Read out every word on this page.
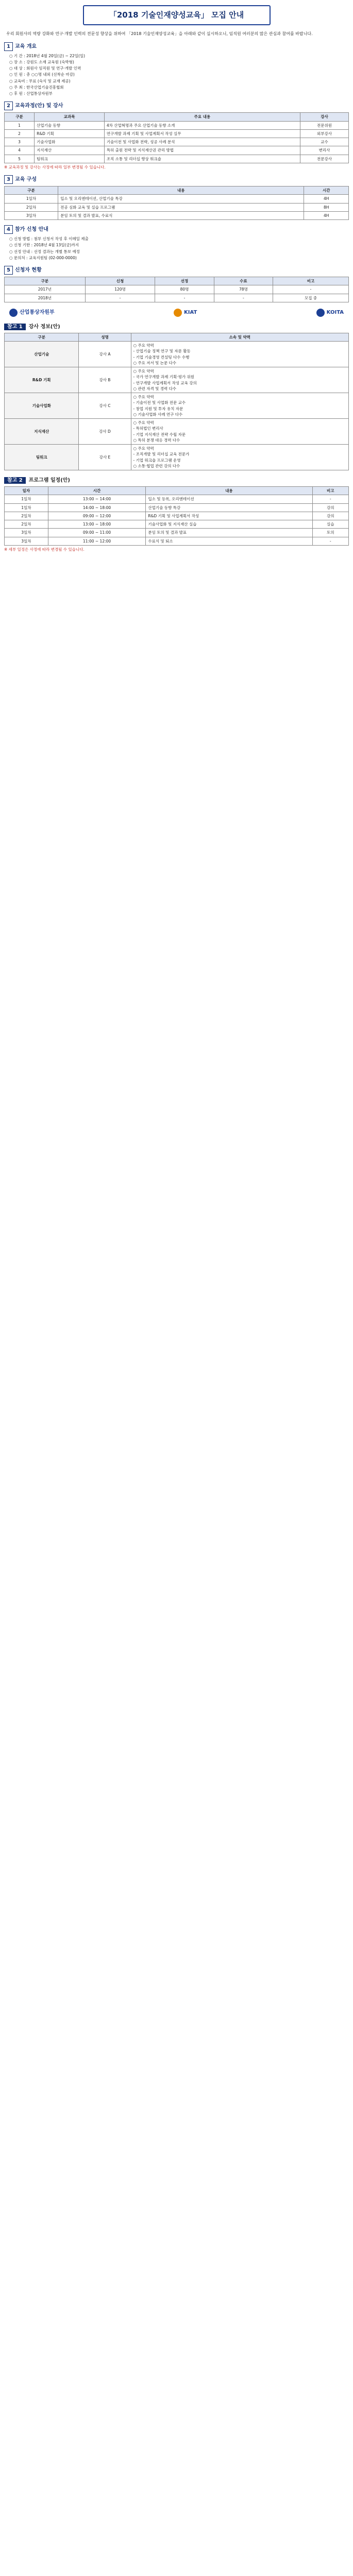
「2018 기술인재양성교육」 모집 안내
우리 회원사의 역량 강화와 연구·개발 인력의 전문성 향상을 위하여 「2018 기술인재양성교육」을 아래와 같이 실시하오니, 임직원 여러분의 많은 관심과 참여를 바랍니다.
1 교육 개요
○ 기 간 : 2018년 4월 20일(금) ~ 22일(일)
○ 장 소 : 강원도 소재 교육원 (숙박형)
○ 대 상 : 회원사 임직원 및 연구·개발 인력
○ 인 원 : 총 ○○명 내외 (선착순 마감)
○ 교육비 : 무료 (숙식 및 교재 제공)
○ 주 최 : 한국산업기술진흥협회
○ 후 원 : 산업통상자원부
2 교육과정(안) 및 강사
구분	교과목	주요 내용	강사
1	산업기술 동향	4차 산업혁명과 주요 산업기술 동향 소개	전문위원
2	R&D 기획	연구개발 과제 기획 및 사업계획서 작성 실무	외부강사
3	기술사업화	기술이전 및 사업화 전략, 성공 사례 분석	교수
4	지식재산	특허 출원 전략 및 지식재산권 관리 방법	변리사
5	팀워크	조직 소통 및 리더십 향상 워크숍	전문강사
※ 교육과정 및 강사는 사정에 따라 일부 변경될 수 있습니다.
3 교육 구성
구분	내용	시간
1일차	입소 및 오리엔테이션, 산업기술 특강	4H
2일차	전공 심화 교육 및 실습 프로그램	8H
3일차	분임 토의 및 결과 발표, 수료식	4H
4 참가 신청 안내
○ 신청 방법 : 첨부 신청서 작성 후 이메일 제출
○ 신청 기한 : 2018년 4월 13일(금)까지
○ 선정 안내 : 선정 결과는 개별 통보 예정
○ 문의처 : 교육지원팀 (02-000-0000)
5 신청자 현황
구분	신청	선정	수료	비고
2017년	120명	80명	78명	-
2018년	-	-	-	모집 중
산업통상자원부	KIAT	KOITA
참고 1 강사 정보(안)
구분	성명	소속 및 약력
산업기술	강사 A	○ 주요 약력
- 산업기술 정책 연구 및 자문 활동
- 기업 기술경영 컨설팅 다수 수행
○ 주요 저서 및 논문 다수

R&D 기획	강사 B	○ 주요 약력
- 국가 연구개발 과제 기획·평가 위원
- 연구개발 사업계획서 작성 교육 강의
○ 관련 자격 및 경력 다수

기술사업화	강사 C	○ 주요 약력
- 기술이전 및 사업화 전문 교수
- 창업 지원 및 투자 유치 자문
○ 기술사업화 사례 연구 다수

지식재산	강사 D	○ 주요 약력
- 특허법인 변리사
- 기업 지식재산 전략 수립 자문
○ 특허 분쟁 대응 경력 다수

팀워크	강사 E	○ 주요 약력
- 조직개발 및 리더십 교육 전문가
- 기업 워크숍 프로그램 운영
○ 소통·협업 관련 강의 다수
참고 2 프로그램 일정(안)
일자	시간	내용	비고
1일차	13:00 ~ 14:00	입소 및 등록, 오리엔테이션	-
1일차	14:00 ~ 18:00	산업기술 동향 특강	강의
2일차	09:00 ~ 12:00	R&D 기획 및 사업계획서 작성	강의
2일차	13:00 ~ 18:00	기술사업화 및 지식재산 실습	실습
3일차	09:00 ~ 11:00	분임 토의 및 결과 발표	토의
3일차	11:00 ~ 12:00	수료식 및 퇴소	-
※ 세부 일정은 사정에 따라 변경될 수 있습니다.
